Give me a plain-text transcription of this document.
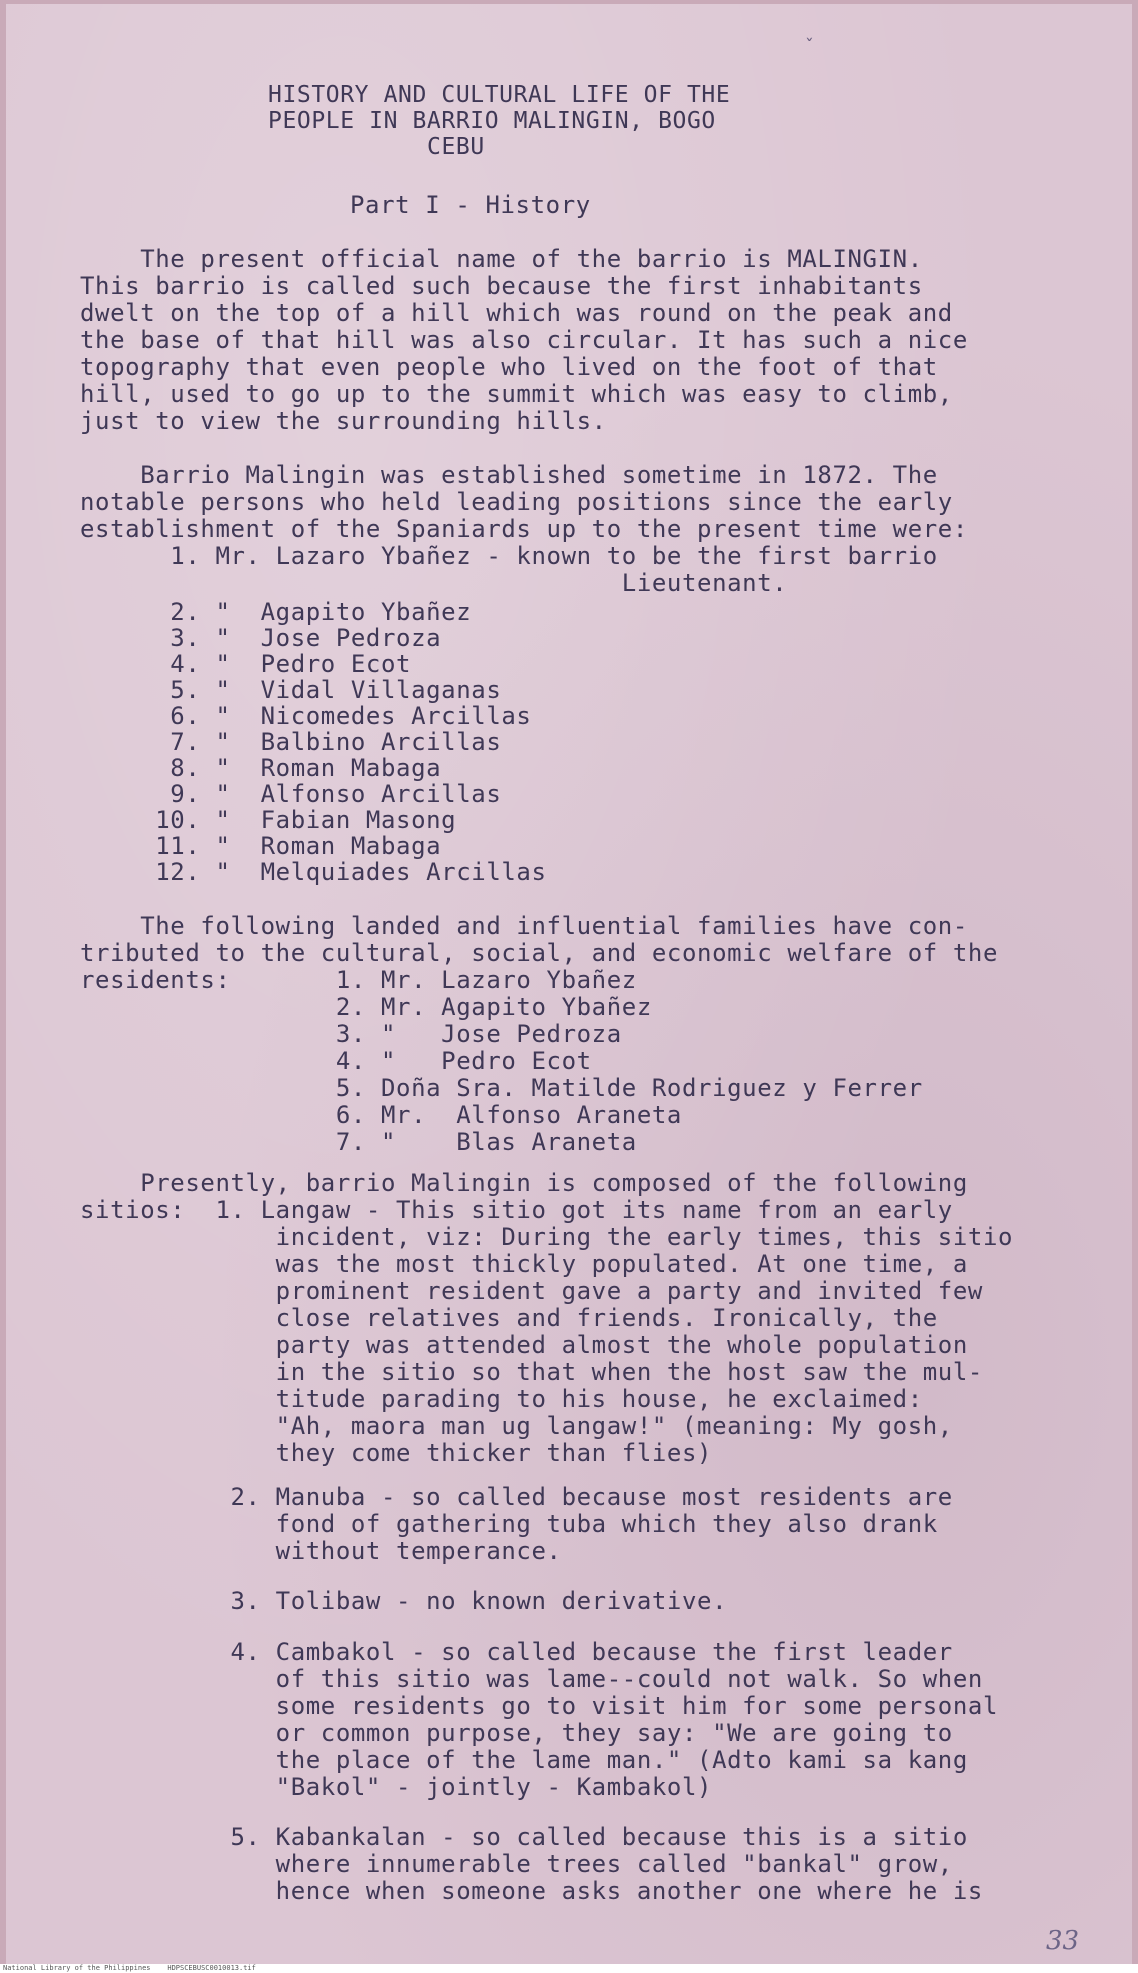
ˇ
HISTORY AND CULTURAL LIFE OF THE
PEOPLE IN BARRIO MALINGIN, BOGO
CEBU
Part I - History
The present official name of the barrio is MALINGIN.
This barrio is called such because the first inhabitants
dwelt on the top of a hill which was round on the peak and
the base of that hill was also circular. It has such a nice
topography that even people who lived on the foot of that
hill, used to go up to the summit which was easy to climb,
just to view the surrounding hills.
Barrio Malingin was established sometime in 1872. The
notable persons who held leading positions since the early
establishment of the Spaniards up to the present time were:
1. Mr. Lazaro Ybañez - known to be the first barrio
Lieutenant.
2. "  Agapito Ybañez
3. "  Jose Pedroza
4. "  Pedro Ecot
5. "  Vidal Villaganas
6. "  Nicomedes Arcillas
7. "  Balbino Arcillas
8. "  Roman Mabaga
9. "  Alfonso Arcillas
10. "  Fabian Masong
11. "  Roman Mabaga
12. "  Melquiades Arcillas
The following landed and influential families have con-
tributed to the cultural, social, and economic welfare of the
residents:       1. Mr. Lazaro Ybañez
2. Mr. Agapito Ybañez
3. "   Jose Pedroza
4. "   Pedro Ecot
5. Doña Sra. Matilde Rodriguez y Ferrer
6. Mr.  Alfonso Araneta
7. "    Blas Araneta
Presently, barrio Malingin is composed of the following
sitios:  1. Langaw - This sitio got its name from an early
incident, viz: During the early times, this sitio
was the most thickly populated. At one time, a
prominent resident gave a party and invited few
close relatives and friends. Ironically, the
party was attended almost the whole population
in the sitio so that when the host saw the mul-
titude parading to his house, he exclaimed:
"Ah, maora man ug langaw!" (meaning: My gosh,
they come thicker than flies)
2. Manuba - so called because most residents are
fond of gathering tuba which they also drank
without temperance.
3. Tolibaw - no known derivative.
4. Cambakol - so called because the first leader
of this sitio was lame--could not walk. So when
some residents go to visit him for some personal
or common purpose, they say: "We are going to
the place of the lame man." (Adto kami sa kang
"Bakol" - jointly - Kambakol)
5. Kabankalan - so called because this is a sitio
where innumerable trees called "bankal" grow,
hence when someone asks another one where he is
33
National Library of the Philippines    HDPSCEBUSC0010013.tif
